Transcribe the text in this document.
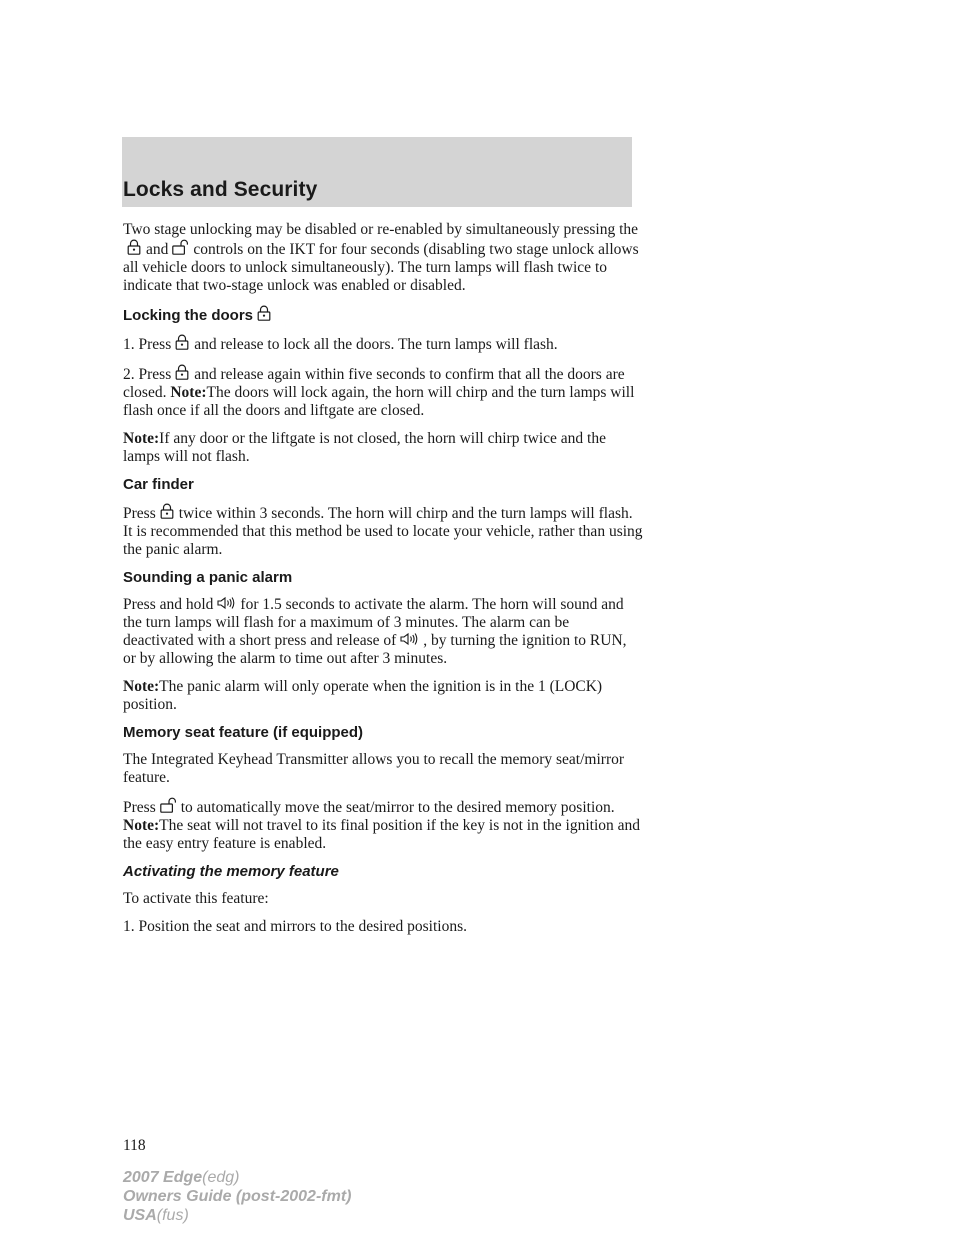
Locks and Security

Two stage unlocking may be disabled or re-enabled by simultaneously pressing the
and controls on the IKT for four seconds (disabling two stage unlock allows all vehicle doors to unlock simultaneously). The turn lamps will flash twice to indicate that two-stage unlock was enabled or disabled.

Locking the doors

1. Press and release to lock all the doors. The turn lamps will flash.

2. Press and release again within five seconds to confirm that all the doors are closed. Note:The doors will lock again, the horn will chirp and the turn lamps will flash once if all the doors and liftgate are closed.

Note:If any door or the liftgate is not closed, the horn will chirp twice and the lamps will not flash.

Car finder

Press twice within 3 seconds. The horn will chirp and the turn lamps will flash. It is recommended that this method be used to locate your vehicle, rather than using the panic alarm.

Sounding a panic alarm

Press and hold for 1.5 seconds to activate the alarm. The horn will sound and the turn lamps will flash for a maximum of 3 minutes. The alarm can be deactivated with a short press and release of , by turning the ignition to RUN, or by allowing the alarm to time out after 3 minutes.

Note:The panic alarm will only operate when the ignition is in the 1 (LOCK) position.

Memory seat feature (if equipped)

The Integrated Keyhead Transmitter allows you to recall the memory seat/mirror feature.

Press to automatically move the seat/mirror to the desired memory position. Note:The seat will not travel to its final position if the key is not in the ignition and the easy entry feature is enabled.

Activating the memory feature

To activate this feature:

1. Position the seat and mirrors to the desired positions.

118
2007 Edge(edg)
Owners Guide (post-2002-fmt)
USA(fus)
